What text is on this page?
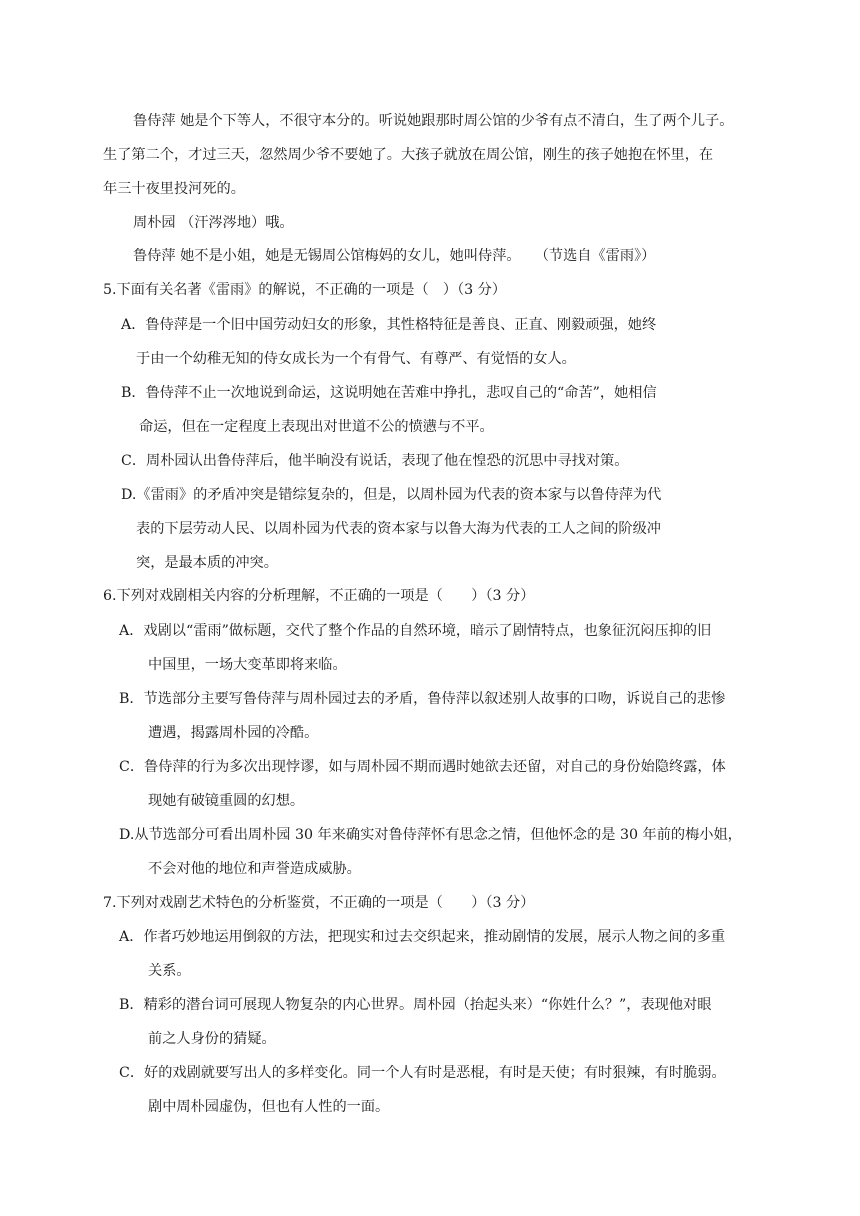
鲁侍萍 她是个下等人，不很守本分的。听说她跟那时周公馆的少爷有点不清白，生了两个儿子。
生了第二个，才过三天，忽然周少爷不要她了。大孩子就放在周公馆，刚生的孩子她抱在怀里，在
年三十夜里投河死的。
周朴园 （汗涔涔地）哦。
鲁侍萍 她不是小姐，她是无锡周公馆梅妈的女儿，她叫侍萍。　　（节选自《雷雨》）
5.下面有关名著《雷雨》的解说，不正确的一项是（　）（3 分）
A．鲁侍萍是一个旧中国劳动妇女的形象，其性格特征是善良、正直、刚毅顽强，她终
于由一个幼稚无知的侍女成长为一个有骨气、有尊严、有觉悟的女人。
B．鲁侍萍不止一次地说到命运，这说明她在苦难中挣扎，悲叹自己的“命苦”，她相信
命运，但在一定程度上表现出对世道不公的愤懑与不平。
C．周朴园认出鲁侍萍后，他半晌没有说话，表现了他在惶恐的沉思中寻找对策。
D.《雷雨》的矛盾冲突是错综复杂的，但是，以周朴园为代表的资本家与以鲁侍萍为代
表的下层劳动人民、以周朴园为代表的资本家与以鲁大海为代表的工人之间的阶级冲
突，是最本质的冲突。
6.下列对戏剧相关内容的分析理解，不正确的一项是（　　）（3 分）
A．戏剧以“雷雨”做标题，交代了整个作品的自然环境，暗示了剧情特点，也象征沉闷压抑的旧
中国里，一场大变革即将来临。
B．节选部分主要写鲁侍萍与周朴园过去的矛盾，鲁侍萍以叙述别人故事的口吻，诉说自己的悲惨
遭遇，揭露周朴园的冷酷。
C．鲁侍萍的行为多次出现悖谬，如与周朴园不期而遇时她欲去还留，对自己的身份始隐终露，体
现她有破镜重圆的幻想。
D.从节选部分可看出周朴园 30 年来确实对鲁侍萍怀有思念之情，但他怀念的是 30 年前的梅小姐，
不会对他的地位和声誉造成威胁。
7.下列对戏剧艺术特色的分析鉴赏，不正确的一项是（　　）（3 分）
A．作者巧妙地运用倒叙的方法，把现实和过去交织起来，推动剧情的发展，展示人物之间的多重
关系。
B．精彩的潜台词可展现人物复杂的内心世界。周朴园（抬起头来）“你姓什么？”，表现他对眼
前之人身份的猜疑。
C．好的戏剧就要写出人的多样变化。同一个人有时是恶棍，有时是天使；有时狠辣，有时脆弱。
剧中周朴园虚伪，但也有人性的一面。
